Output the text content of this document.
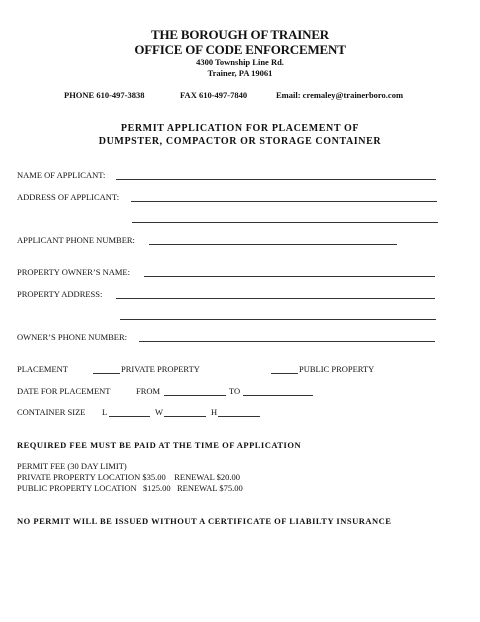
THE BOROUGH OF TRAINER
OFFICE OF CODE ENFORCEMENT
4300 Township Line Rd.
Trainer, PA 19061
PHONE 610-497-3838	FAX 610-497-7840	Email: cremaley@trainerboro.com
PERMIT APPLICATION FOR PLACEMENT OF
DUMPSTER, COMPACTOR OR STORAGE CONTAINER
NAME OF APPLICANT:
ADDRESS OF APPLICANT:
APPLICANT PHONE NUMBER:
PROPERTY OWNER’S NAME:
PROPERTY ADDRESS:
OWNER’S PHONE NUMBER:
PLACEMENT	PRIVATE PROPERTY	PUBLIC PROPERTY
DATE FOR PLACEMENT	FROM	TO
CONTAINER SIZE L	W	H
REQUIRED FEE MUST BE PAID AT THE TIME OF APPLICATION
PERMIT FEE (30 DAY LIMIT)
PRIVATE PROPERTY LOCATION $35.00    RENEWAL $20.00
PUBLIC PROPERTY LOCATION   $125.00   RENEWAL $75.00
NO PERMIT WILL BE ISSUED WITHOUT A CERTIFICATE OF LIABILTY INSURANCE
